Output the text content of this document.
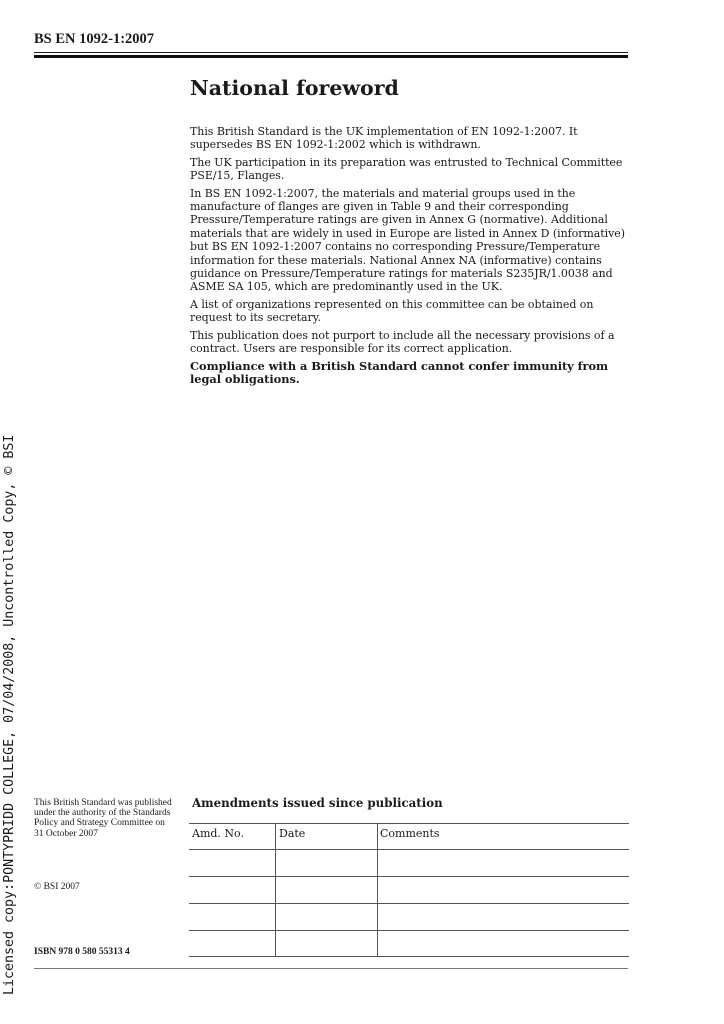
BS EN 1092-1:2007
Licensed copy:PONTYPRIDD COLLEGE, 07/04/2008, Uncontrolled Copy, © BSI
National foreword

This British Standard is the UK implementation of EN 1092-1:2007. It supersedes BS EN 1092-1:2002 which is withdrawn.

The UK participation in its preparation was entrusted to Technical Committee PSE/15, Flanges.

In BS EN 1092-1:2007, the materials and material groups used in the manufacture of flanges are given in Table 9 and their corresponding Pressure/Temperature ratings are given in Annex G (normative). Additional materials that are widely in used in Europe are listed in Annex D (informative) but BS EN 1092-1:2007 contains no corresponding Pressure/Temperature information for these materials. National Annex NA (informative) contains guidance on Pressure/Temperature ratings for materials S235JR/1.0038 and ASME SA 105, which are predominantly used in the UK.

A list of organizations represented on this committee can be obtained on request to its secretary.

This publication does not purport to include all the necessary provisions of a contract. Users are responsible for its correct application.

Compliance with a British Standard cannot confer immunity from legal obligations.

This British Standard was published under the authority of the Standards Policy and Strategy Committee on 31 October 2007
© BSI 2007
ISBN 978 0 580 55313 4
Amendments issued since publication
Amd. No.	Date	Comments
